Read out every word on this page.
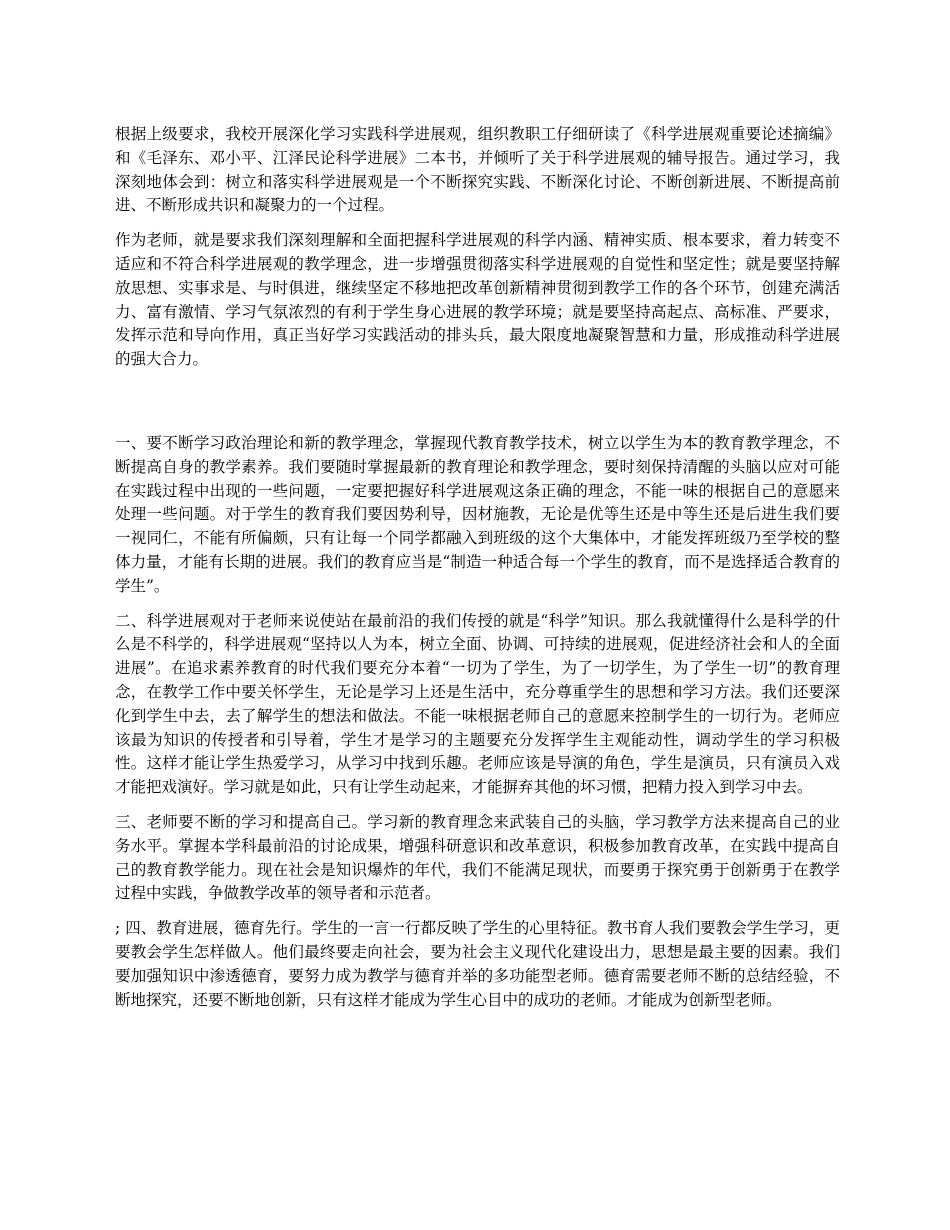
根据上级要求，我校开展深化学习实践科学进展观，组织教职工仔细研读了《科学进展观重要论述摘编》和《毛泽东、邓小平、江泽民论科学进展》二本书，并倾听了关于科学进展观的辅导报告。通过学习，我深刻地体会到：树立和落实科学进展观是一个不断探究实践、不断深化讨论、不断创新进展、不断提高前进、不断形成共识和凝聚力的一个过程。

作为老师，就是要求我们深刻理解和全面把握科学进展观的科学内涵、精神实质、根本要求，着力转变不适应和不符合科学进展观的教学理念，进一步增强贯彻落实科学进展观的自觉性和坚定性；就是要坚持解放思想、实事求是、与时俱进，继续坚定不移地把改革创新精神贯彻到教学工作的各个环节，创建充满活力、富有激情、学习气氛浓烈的有利于学生身心进展的教学环境；就是要坚持高起点、高标准、严要求，发挥示范和导向作用，真正当好学习实践活动的排头兵，最大限度地凝聚智慧和力量，形成推动科学进展的强大合力。

一、要不断学习政治理论和新的教学理念，掌握现代教育教学技术，树立以学生为本的教育教学理念，不断提高自身的教学素养。我们要随时掌握最新的教育理论和教学理念，要时刻保持清醒的头脑以应对可能在实践过程中出现的一些问题，一定要把握好科学进展观这条正确的理念，不能一味的根据自己的意愿来处理一些问题。对于学生的教育我们要因势利导，因材施教，无论是优等生还是中等生还是后进生我们要一视同仁，不能有所偏颇，只有让每一个同学都融入到班级的这个大集体中，才能发挥班级乃至学校的整体力量，才能有长期的进展。我们的教育应当是“制造一种适合每一个学生的教育，而不是选择适合教育的学生”。

二、科学进展观对于老师来说使站在最前沿的我们传授的就是“科学”知识。那么我就懂得什么是科学的什么是不科学的，科学进展观“坚持以人为本，树立全面、协调、可持续的进展观，促进经济社会和人的全面进展”。在追求素养教育的时代我们要充分本着“一切为了学生，为了一切学生，为了学生一切”的教育理念，在教学工作中要关怀学生，无论是学习上还是生活中，充分尊重学生的思想和学习方法。我们还要深化到学生中去，去了解学生的想法和做法。不能一味根据老师自己的意愿来控制学生的一切行为。老师应该最为知识的传授者和引导着，学生才是学习的主题要充分发挥学生主观能动性，调动学生的学习积极性。这样才能让学生热爱学习，从学习中找到乐趣。老师应该是导演的角色，学生是演员，只有演员入戏才能把戏演好。学习就是如此，只有让学生动起来，才能摒弃其他的坏习惯，把精力投入到学习中去。

三、老师要不断的学习和提高自己。学习新的教育理念来武装自己的头脑，学习教学方法来提高自己的业务水平。掌握本学科最前沿的讨论成果，增强科研意识和改革意识，积极参加教育改革，在实践中提高自己的教育教学能力。现在社会是知识爆炸的年代，我们不能满足现状，而要勇于探究勇于创新勇于在教学过程中实践，争做教学改革的领导者和示范者。

; 四、教育进展，德育先行。学生的一言一行都反映了学生的心里特征。教书育人我们要教会学生学习，更要教会学生怎样做人。他们最终要走向社会，要为社会主义现代化建设出力，思想是最主要的因素。我们要加强知识中渗透德育，要努力成为教学与德育并举的多功能型老师。德育需要老师不断的总结经验，不断地探究，还要不断地创新，只有这样才能成为学生心目中的成功的老师。才能成为创新型老师。
